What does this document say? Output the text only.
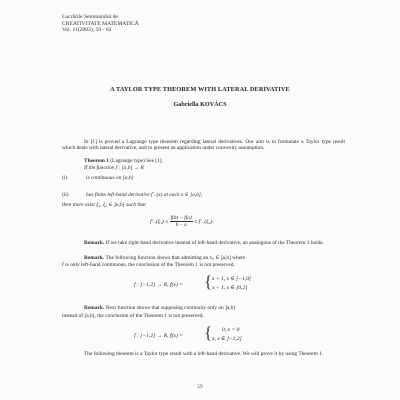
Lucrările Seminarului de
CREATIVITATE MATEMATICĂ
Vol. 11(2002), 59 - 62
A TAYLOR TYPE THEOREM WITH LATERAL DERIVATIVE
Gabriella KOVÁCS
In [1] is proved a Lagrange type theorem regarding lateral derivatives. Our aim is to formulate a Taylor type result which deals with lateral derivative, and to present an application under convexity assumption.
Theorem 1 (Lagrange type) See [1].
If the function f : [a,b] → R
(i)	is continuous on [a,b]
(ii)	has finite left-hand derivative f′₋(x) at each x ∈ ]a,b],
then there exist ξ₁, ξ₂ ∈ ]a,b[ such that
$f'_-(\xi_1) \le \frac{f(b) - f(a)}{b - a} \le f'_-(\xi_2)$.
Remark. If we take right-hand derivative instead of left-hand derivative, an analogous of the Theorem 1 holds.
Remark. The following function shows that admitting an x₀ ∈ ]a,b] where
f is only left-hand continuous, the conclusion of the Theorem 1 is not preserved.
f : [−1,2] → R, f(x) = { x + 1, x ∈ [−1,0[
x − 1, x ∈ [0,2]
Remark. Next function shows that supposing continuity only on ]a,b]
instead of [a,b], the conclusion of the Theorem 1 is not preserved.
f : [−1,2] → R, f(x) = { 0, x = 0
x, x ∈ ]−1,2]
The following theorem is a Taylor type result with a left-hand derivative. We will prove it by using Theorem 1.
59
